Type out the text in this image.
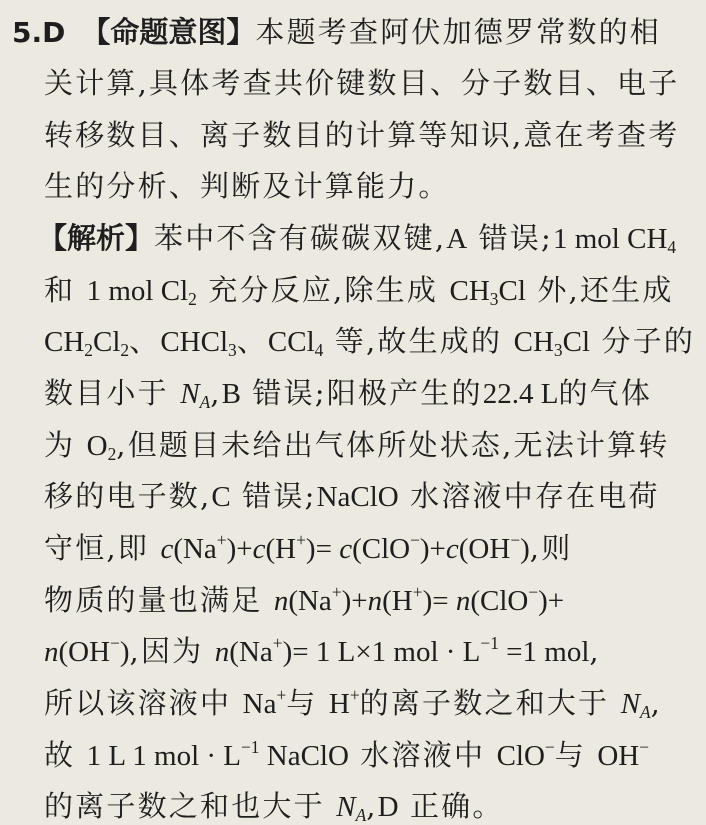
5.D 【命题意图】本题考查阿伏加德罗常数的相
关计算,具体考查共价键数目、分子数目、电子
转移数目、离子数目的计算等知识,意在考查考
生的分析、判断及计算能力。
【解析】苯中不含有碳碳双键,A 错误;1 mol $CH_4$
和 1 mol $Cl_2$ 充分反应,除生成 $CH_3Cl$ 外,还生成
$CH_2Cl_2$、CHCl$_3$、CCl$_4$ 等,故生成的 $CH_3Cl$ 分子的
数目小于 $N_A,B$ 错误;阳极产生的22.4 L的气体
为 $O_2$,但题目未给出气体所处状态,无法计算转
移的电子数,C 错误;NaClO 水溶液中存在电荷
守恒,即 c(Na+)+c(H+)= c(ClO−)+c(OH−),则
物质的量也满足 n(Na+)+n(H+)= n(ClO−)+
n(OH−),因为 n(Na+)= 1 L×1 mol · $L^{-1} =1$ mol,
所以该溶液中 Na+与 H+的离子数之和大于 $N_A$,
故 1 L 1 mol · $L^{-1}$ NaClO 水溶液中 ClO−与 OH−
的离子数之和也大于 $N_A,D$ 正确。
